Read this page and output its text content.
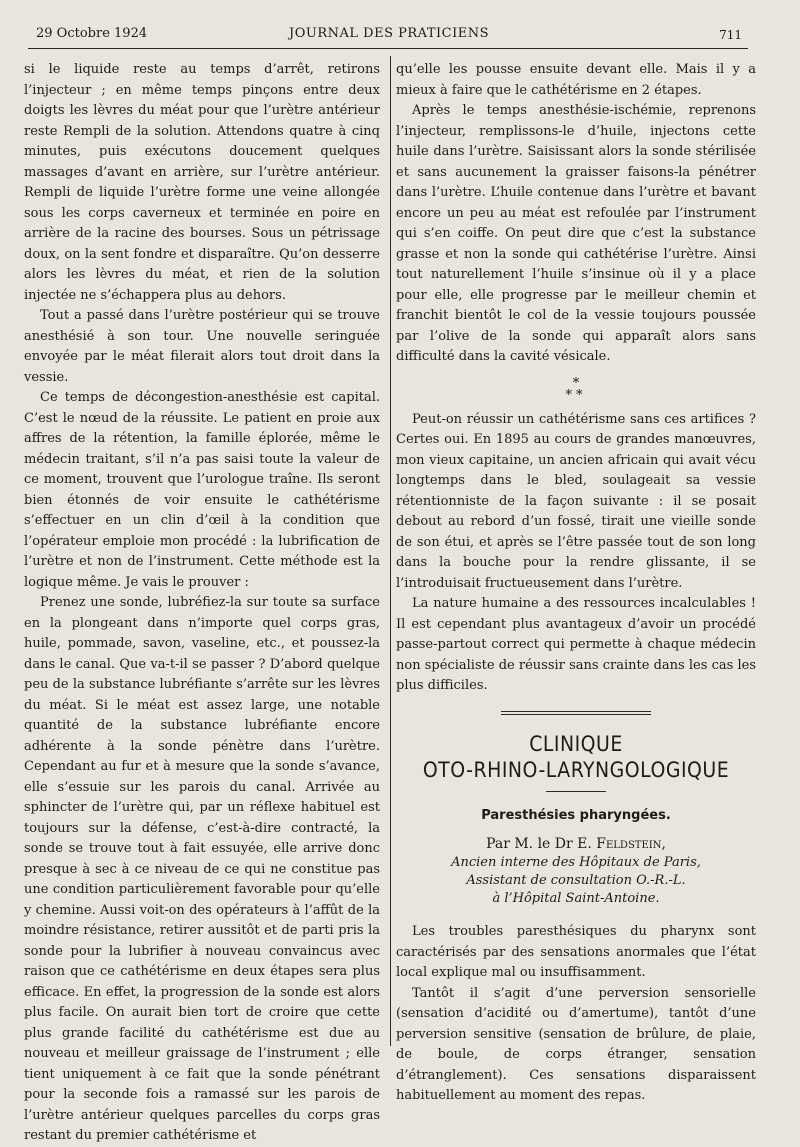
29 Octobre 1924	JOURNAL DES PRATICIENS	711

si le liquide reste au temps d’arrêt, retirons l’injecteur ; en même temps pinçons entre deux doigts les lèvres du méat pour que l’urètre antérieur reste Rempli de la solution. Attendons quatre à cinq minutes, puis exécutons doucement quelques massages d’avant en arrière, sur l’urètre antérieur. Rempli de liquide l’urètre forme une veine allongée sous les corps caverneux et terminée en poire en arrière de la racine des bourses. Sous un pétrissage doux, on la sent fondre et disparaître. Qu’on desserre alors les lèvres du méat, et rien de la solution injectée ne s’échappera plus au dehors.

Tout a passé dans l’urètre postérieur qui se trouve anesthésié à son tour. Une nouvelle seringuée envoyée par le méat filerait alors tout droit dans la vessie.

Ce temps de décongestion-anesthésie est capital. C’est le nœud de la réussite. Le patient en proie aux affres de la rétention, la famille éplorée, même le médecin traitant, s’il n’a pas saisi toute la valeur de ce moment, trouvent que l’urologue traîne. Ils seront bien étonnés de voir ensuite le cathétérisme s’effectuer en un clin d’œil à la condition que l’opérateur emploie mon procédé : la lubrification de l’urètre et non de l’instrument. Cette méthode est la logique même. Je vais le prouver :

Prenez une sonde, lubréfiez-la sur toute sa surface en la plongeant dans n’importe quel corps gras, huile, pommade, savon, vaseline, etc., et poussez-la dans le canal. Que va-t-il se passer ? D’abord quelque peu de la substance lubréfiante s’arrête sur les lèvres du méat. Si le méat est assez large, une notable quantité de la substance lubréfiante encore adhérente à la sonde pénètre dans l’urètre. Cependant au fur et à mesure que la sonde s’avance, elle s’essuie sur les parois du canal. Arrivée au sphincter de l’urètre qui, par un réflexe habituel est toujours sur la défense, c’est-à-dire contracté, la sonde se trouve tout à fait essuyée, elle arrive donc presque à sec à ce niveau de ce qui ne constitue pas une condition particulièrement favorable pour qu’elle y chemine. Aussi voit-on des opérateurs à l’affût de la moindre résistance, retirer aussitôt et de parti pris la sonde pour la lubrifier à nouveau convaincus avec raison que ce cathétérisme en deux étapes sera plus efficace. En effet, la progression de la sonde est alors plus facile. On aurait bien tort de croire que cette plus grande facilité du cathétérisme est due au nouveau et meilleur graissage de l’instrument ; elle tient uniquement à ce fait que la sonde pénétrant pour la seconde fois a ramassé sur les parois de l’urètre antérieur quelques parcelles du corps gras restant du premier cathétérisme et

qu’elle les pousse ensuite devant elle. Mais il y a mieux à faire que le cathétérisme en 2 étapes.

Après le temps anesthésie-ischémie, reprenons l’injecteur, remplissons-le d’huile, injectons cette huile dans l’urètre. Saisissant alors la sonde stérilisée et sans aucunement la graisser faisons-la pénétrer dans l’urètre. L’huile contenue dans l’urètre et bavant encore un peu au méat est refoulée par l’instrument qui s’en coiffe. On peut dire que c’est la substance grasse et non la sonde qui cathétérise l’urètre. Ainsi tout naturellement l’huile s’insinue où il y a place pour elle, elle progresse par le meilleur chemin et franchit bientôt le col de la vessie toujours poussée par l’olive de la sonde qui apparaît alors sans difficulté dans la cavité vésicale.

*
**

Peut-on réussir un cathétérisme sans ces artifices ? Certes oui. En 1895 au cours de grandes manœuvres, mon vieux capitaine, un ancien africain qui avait vécu longtemps dans le bled, soulageait sa vessie rétentionniste de la façon suivante : il se posait debout au rebord d’un fossé, tirait une vieille sonde de son étui, et après se l’être passée tout de son long dans la bouche pour la rendre glissante, il se l’introduisait fructueusement dans l’urètre.

La nature humaine a des ressources incalculables ! Il est cependant plus avantageux d’avoir un procédé passe-partout correct qui permette à chaque médecin non spécialiste de réussir sans crainte dans les cas les plus difficiles.

CLINIQUE
OTO-RHINO-LARYNGOLOGIQUE
Paresthésies pharyngées.
Par M. le Dr E. Feldstein,
Ancien interne des Hôpitaux de Paris,
Assistant de consultation O.-R.-L.
à l’Hôpital Saint-Antoine.

Les troubles paresthésiques du pharynx sont caractérisés par des sensations anormales que l’état local explique mal ou insuffisamment.

Tantôt il s’agit d’une perversion sensorielle (sensation d’acidité ou d’amertume), tantôt d’une perversion sensitive (sensation de brûlure, de plaie, de boule, de corps étranger, sensation d’étranglement). Ces sensations disparaissent habituellement au moment des repas.
